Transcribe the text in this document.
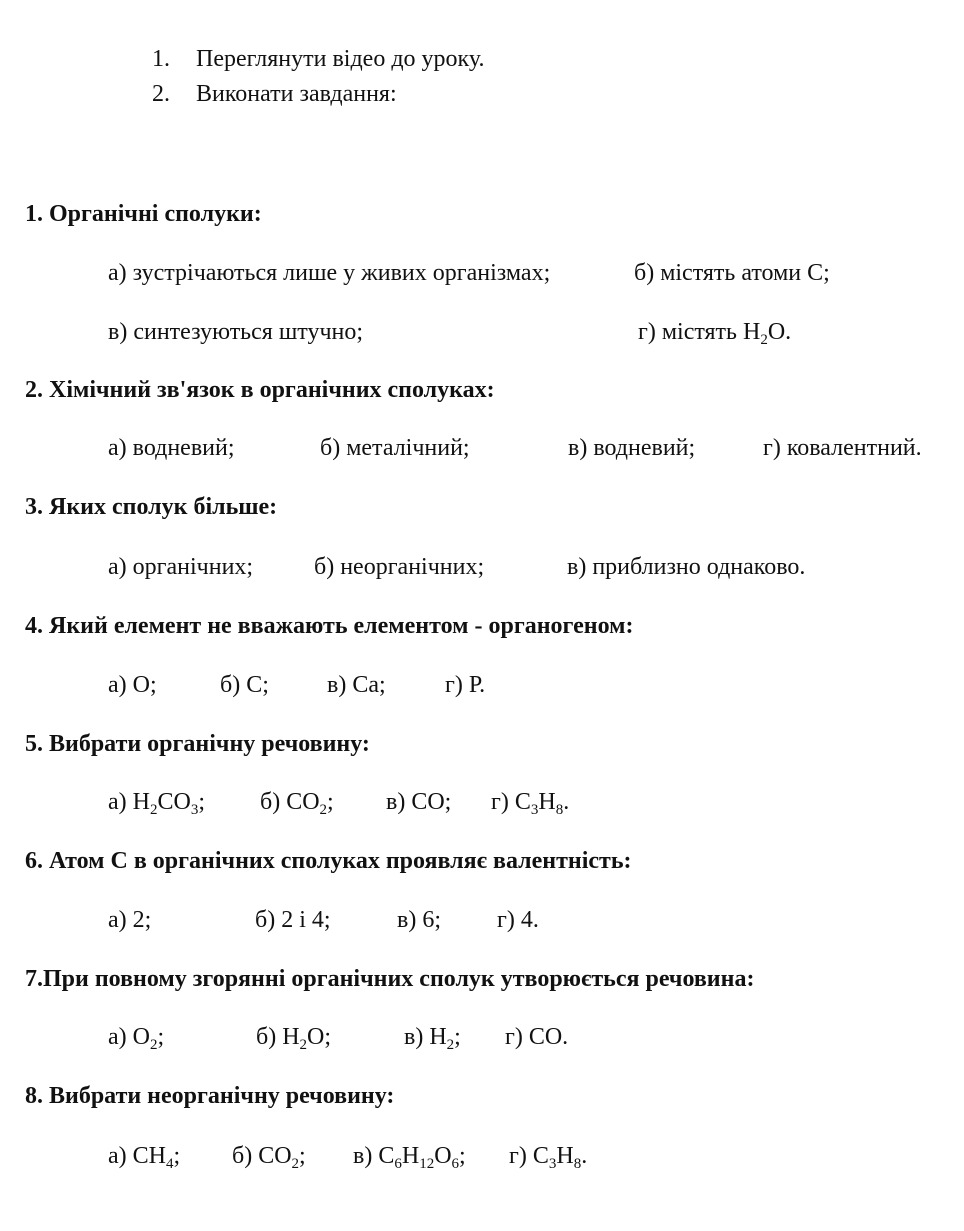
1. Переглянути відео до уроку.
2. Виконати завдання:
1. Органічні сполуки:
а) зустрічаються лише у живих організмах;	б) містять атоми С;
в) синтезуються штучно;	г) містять $H_2O$.
2. Хімічний зв'язок в органічних сполуках:
а) водневий;	б) металічний;	в) водневий;	г) ковалентний.
3. Яких сполук більше:
а) органічних;	б) неорганічних;	в) приблизно однаково.
4. Який елемент не вважають елементом - органогеном:
а) О;	б) С; в) Са; г) Р.
5. Вибрати органічну речовину:
а) $H_2CO_3$; б) $CO_2$; в) CO; г) $C_3H_8$.
6. Атом С в органічних сполуках проявляє валентність:
а) 2;	б) 2 і 4;	в) 6; г) 4.
7.При повному згорянні органічних сполук утворюється речовина:
а) $O_2$;	б) $H_2O$;	в) $H_2$; г) CO.
8. Вибрати неорганічну речовину:
а) $CH_4$; б) $CO_2$; в) $C_6H_{12}O_6$; г) $C_3H_8$.
